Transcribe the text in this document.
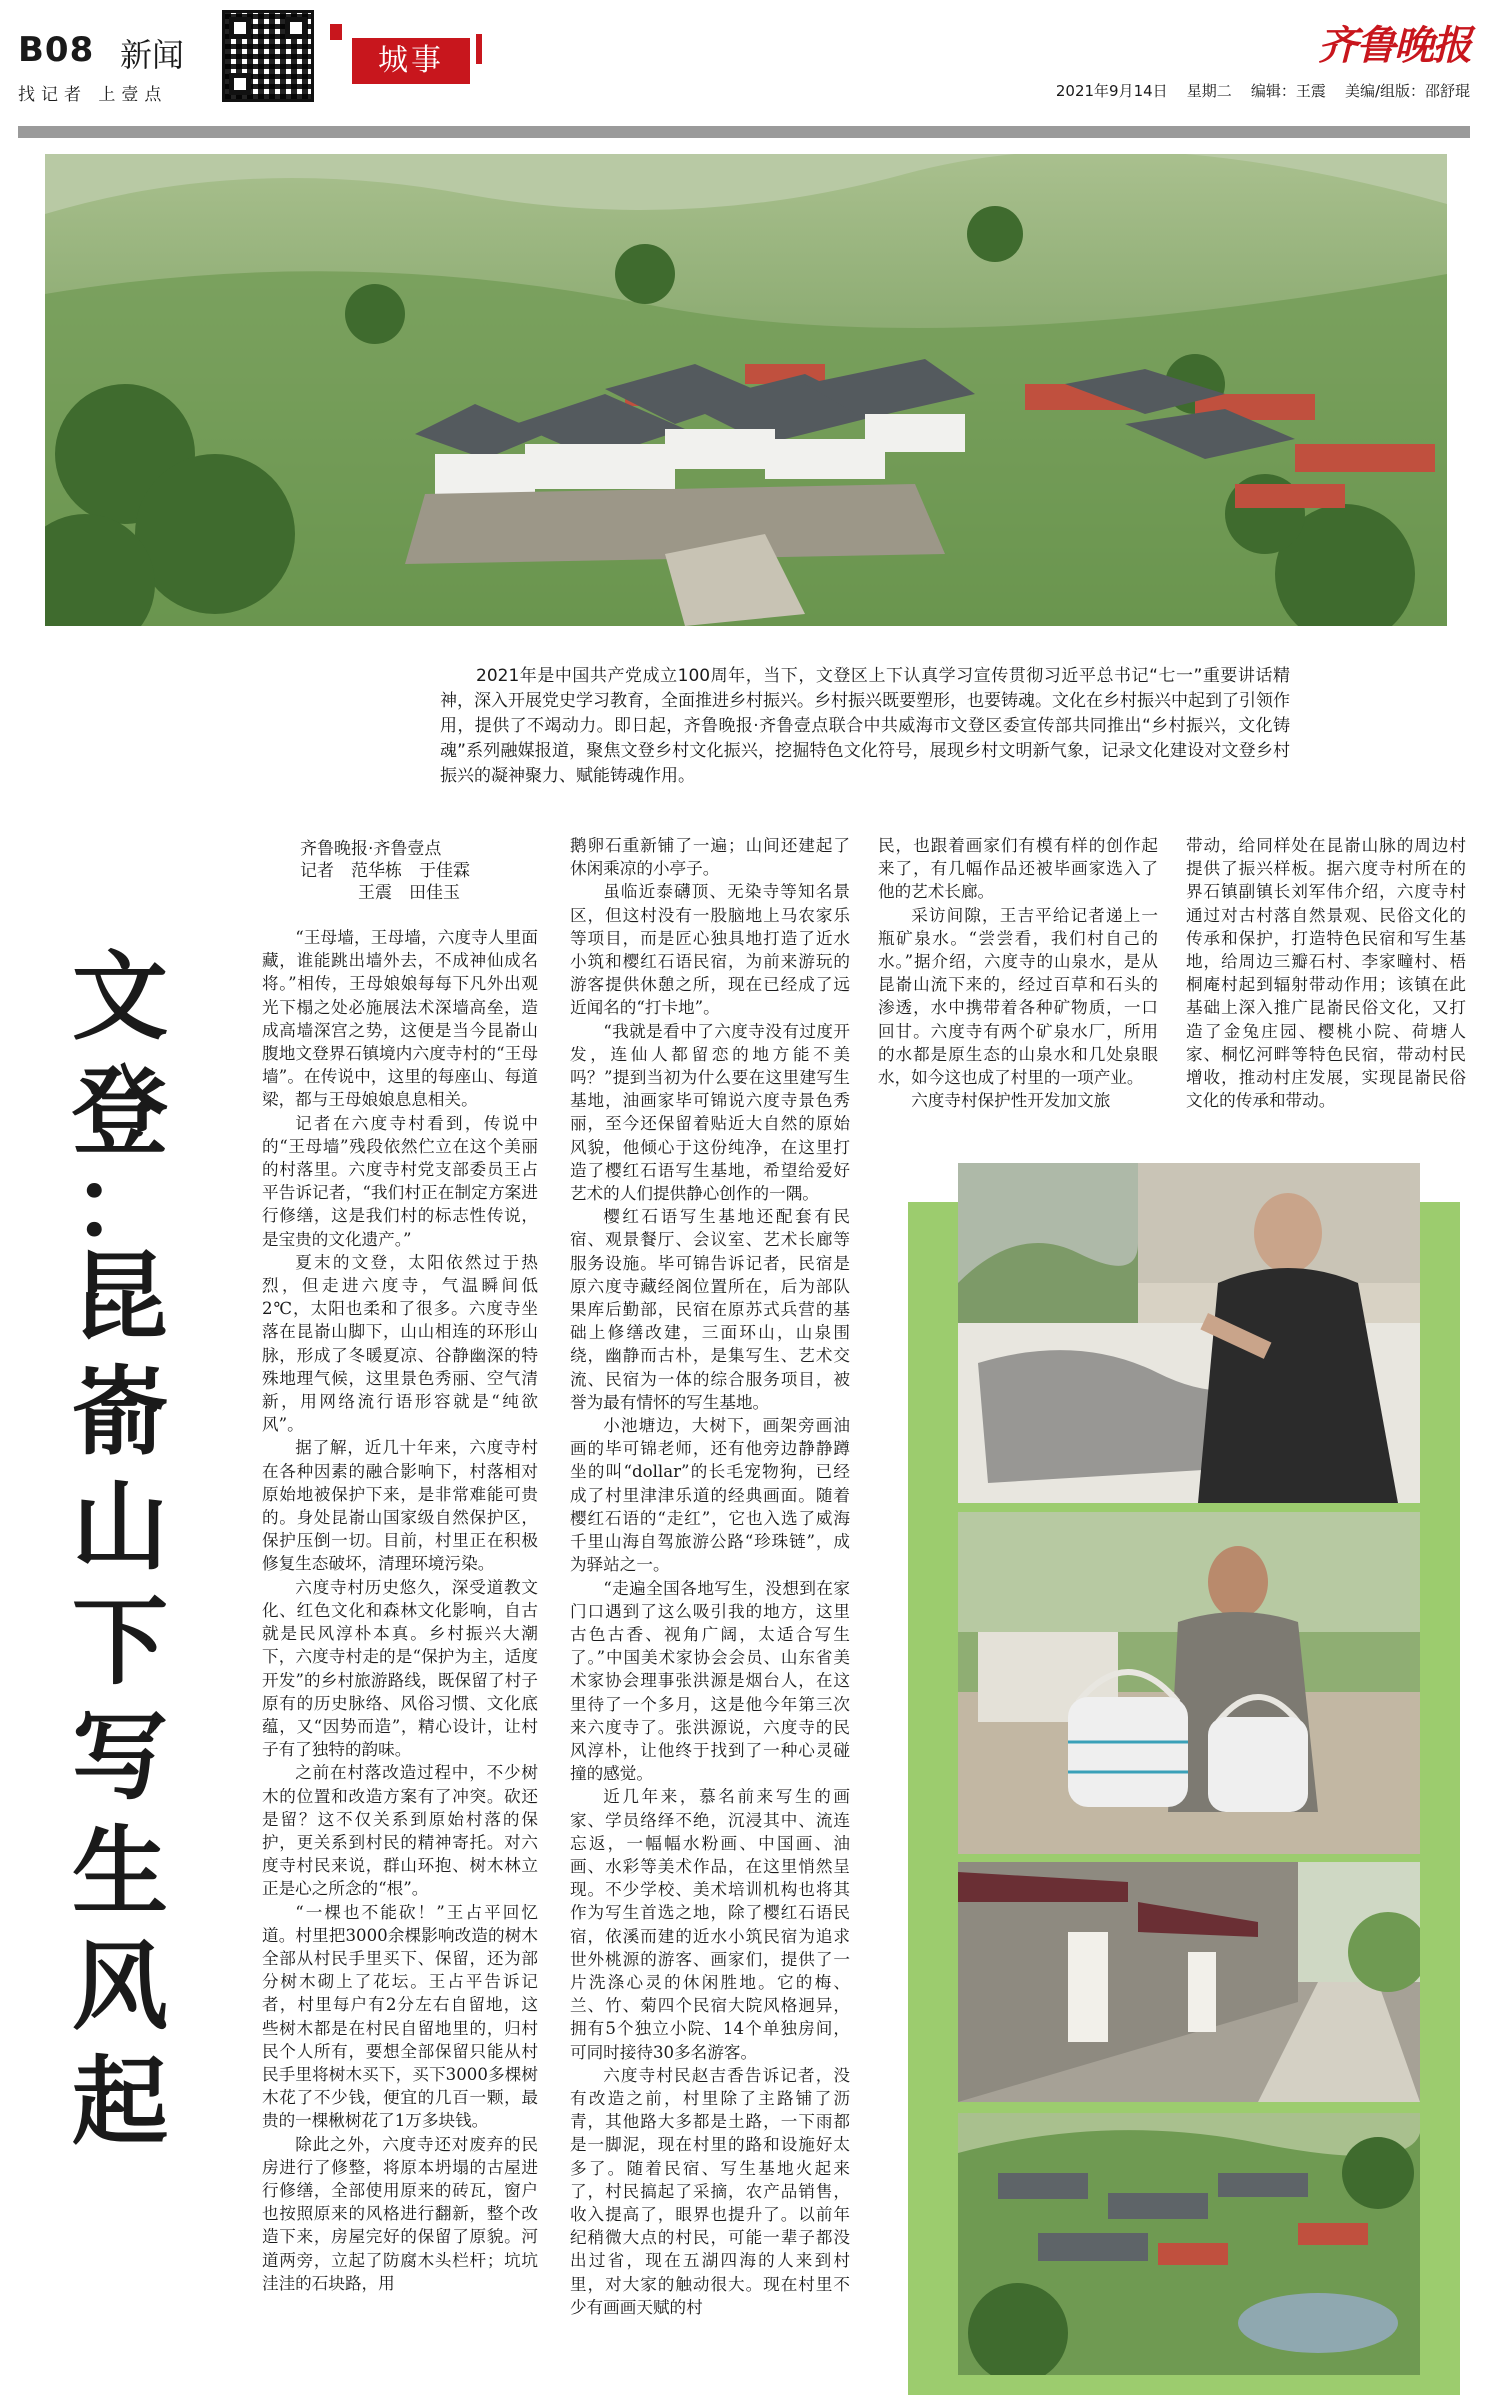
B08 新闻
找记者 上壹点
城事	齐鲁晚报
2021年9月14日 星期二 编辑：王震 美编/组版：邵舒琨
2021年是中国共产党成立100周年，当下，文登区上下认真学习宣传贯彻习近平总书记“七一”重要讲话精神，深入开展党史学习教育，全面推进乡村振兴。乡村振兴既要塑形，也要铸魂。文化在乡村振兴中起到了引领作用，提供了不竭动力。即日起，齐鲁晚报·齐鲁壹点联合中共威海市文登区委宣传部共同推出“乡村振兴，文化铸魂”系列融媒报道，聚焦文登乡村文化振兴，挖掘特色文化符号，展现乡村文明新气象，记录文化建设对文登乡村振兴的凝神聚力、赋能铸魂作用。
文
登
：
昆
嵛
山
下
写
生
风
起
齐鲁晚报·齐鲁壹点
记者　范华栋　于佳霖
王震　田佳玉

“王母墙，王母墙，六度寺人里面藏，谁能跳出墙外去，不成神仙成名将。”相传，王母娘娘每每下凡外出观光下榻之处必施展法术深墙高垒，造成高墙深宫之势，这便是当今昆嵛山腹地文登界石镇境内六度寺村的“王母墙”。在传说中，这里的每座山、每道梁，都与王母娘娘息息相关。

记者在六度寺村看到，传说中的“王母墙”残段依然伫立在这个美丽的村落里。六度寺村党支部委员王占平告诉记者，“我们村正在制定方案进行修缮，这是我们村的标志性传说，是宝贵的文化遗产。”

夏末的文登，太阳依然过于热烈，但走进六度寺，气温瞬间低2℃，太阳也柔和了很多。六度寺坐落在昆嵛山脚下，山山相连的环形山脉，形成了冬暖夏凉、谷静幽深的特殊地理气候，这里景色秀丽、空气清新，用网络流行语形容就是“纯欲风”。

据了解，近几十年来，六度寺村在各种因素的融合影响下，村落相对原始地被保护下来，是非常难能可贵的。身处昆嵛山国家级自然保护区，保护压倒一切。目前，村里正在积极修复生态破坏，清理环境污染。

六度寺村历史悠久，深受道教文化、红色文化和森林文化影响，自古就是民风淳朴本真。乡村振兴大潮下，六度寺村走的是“保护为主，适度开发”的乡村旅游路线，既保留了村子原有的历史脉络、风俗习惯、文化底蕴，又“因势而造”，精心设计，让村子有了独特的韵味。

之前在村落改造过程中，不少树木的位置和改造方案有了冲突。砍还是留？这不仅关系到原始村落的保护，更关系到村民的精神寄托。对六度寺村民来说，群山环抱、树木林立正是心之所念的“根”。

“一棵也不能砍！”王占平回忆道。村里把3000余棵影响改造的树木全部从村民手里买下、保留，还为部分树木砌上了花坛。王占平告诉记者，村里每户有2分左右自留地，这些树木都是在村民自留地里的，归村民个人所有，要想全部保留只能从村民手里将树木买下，买下3000多棵树木花了不少钱，便宜的几百一颗，最贵的一棵楸树花了1万多块钱。

除此之外，六度寺还对废弃的民房进行了修整，将原本坍塌的古屋进行修缮，全部使用原来的砖瓦，窗户也按照原来的风格进行翻新，整个改造下来，房屋完好的保留了原貌。河道两旁，立起了防腐木头栏杆；坑坑洼洼的石块路，用

鹅卵石重新铺了一遍；山间还建起了休闲乘凉的小亭子。

虽临近泰礴顶、无染寺等知名景区，但这村没有一股脑地上马农家乐等项目，而是匠心独具地打造了近水小筑和樱红石语民宿，为前来游玩的游客提供休憩之所，现在已经成了远近闻名的“打卡地”。

“我就是看中了六度寺没有过度开发，连仙人都留恋的地方能不美吗？”提到当初为什么要在这里建写生基地，油画家毕可锦说六度寺景色秀丽，至今还保留着贴近大自然的原始风貌，他倾心于这份纯净，在这里打造了樱红石语写生基地，希望给爱好艺术的人们提供静心创作的一隅。

樱红石语写生基地还配套有民宿、观景餐厅、会议室、艺术长廊等服务设施。毕可锦告诉记者，民宿是原六度寺藏经阁位置所在，后为部队果库后勤部，民宿在原苏式兵营的基础上修缮改建，三面环山，山泉围绕，幽静而古朴，是集写生、艺术交流、民宿为一体的综合服务项目，被誉为最有情怀的写生基地。

小池塘边，大树下，画架旁画油画的毕可锦老师，还有他旁边静静蹲坐的叫“dollar”的长毛宠物狗，已经成了村里津津乐道的经典画面。随着樱红石语的“走红”，它也入选了威海千里山海自驾旅游公路“珍珠链”，成为驿站之一。

“走遍全国各地写生，没想到在家门口遇到了这么吸引我的地方，这里古色古香、视角广阔，太适合写生了。”中国美术家协会会员、山东省美术家协会理事张洪源是烟台人，在这里待了一个多月，这是他今年第三次来六度寺了。张洪源说，六度寺的民风淳朴，让他终于找到了一种心灵碰撞的感觉。

近几年来，慕名前来写生的画家、学员络绎不绝，沉浸其中、流连忘返，一幅幅水粉画、中国画、油画、水彩等美术作品，在这里悄然呈现。不少学校、美术培训机构也将其作为写生首选之地，除了樱红石语民宿，依溪而建的近水小筑民宿为追求世外桃源的游客、画家们，提供了一片洗涤心灵的休闲胜地。它的梅、兰、竹、菊四个民宿大院风格迥异，拥有5个独立小院、14个单独房间，可同时接待30多名游客。

六度寺村民赵吉香告诉记者，没有改造之前，村里除了主路铺了沥青，其他路大多都是土路，一下雨都是一脚泥，现在村里的路和设施好太多了。随着民宿、写生基地火起来了，村民搞起了采摘，农产品销售，收入提高了，眼界也提升了。以前年纪稍微大点的村民，可能一辈子都没出过省，现在五湖四海的人来到村里，对大家的触动很大。现在村里不少有画画天赋的村

民，也跟着画家们有模有样的创作起来了，有几幅作品还被毕画家选入了他的艺术长廊。

采访间隙，王吉平给记者递上一瓶矿泉水。“尝尝看，我们村自己的水。”据介绍，六度寺的山泉水，是从昆嵛山流下来的，经过百草和石头的渗透，水中携带着各种矿物质，一口回甘。六度寺有两个矿泉水厂，所用的水都是原生态的山泉水和几处泉眼水，如今这也成了村里的一项产业。

六度寺村保护性开发加文旅

带动，给同样处在昆嵛山脉的周边村提供了振兴样板。据六度寺村所在的界石镇副镇长刘军伟介绍，六度寺村通过对古村落自然景观、民俗文化的传承和保护，打造特色民宿和写生基地，给周边三瓣石村、李家疃村、梧桐庵村起到辐射带动作用；该镇在此基础上深入推广昆嵛民俗文化，又打造了金兔庄园、樱桃小院、荷塘人家、桐忆河畔等特色民宿，带动村民增收，推动村庄发展，实现昆嵛民俗文化的传承和带动。
